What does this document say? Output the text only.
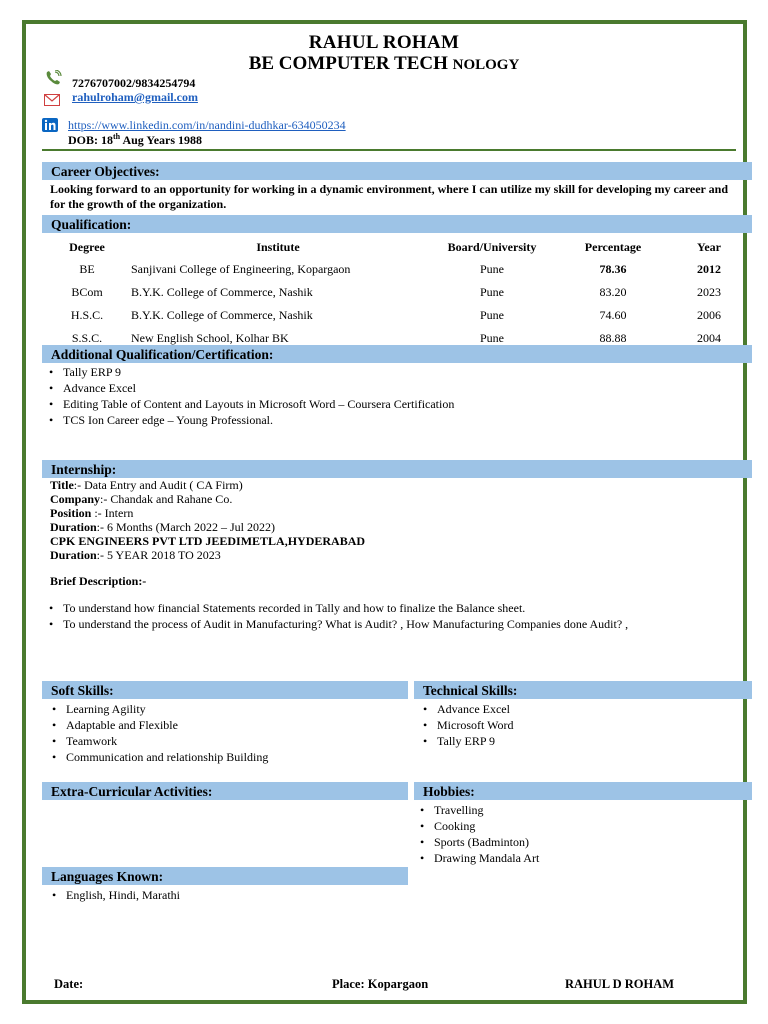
RAHUL ROHAM
BE COMPUTER TECH NOLOGY
7276707002/9834254794
rahulroham@gmail.com
https://www.linkedin.com/in/nandini-dudhkar-634050234
DOB: 18th Aug Years 1988
Career Objectives:
Looking forward to an opportunity for working in a dynamic environment, where I can utilize my skill for developing my career and for the growth of the organization.
Qualification:
Degree	Institute	Board/University	Percentage	Year
BE	Sanjivani College of Engineering, Kopargaon	Pune	78.36	2012
BCom	B.Y.K. College of Commerce, Nashik	Pune	83.20	2023
H.S.C.	B.Y.K. College of Commerce, Nashik	Pune	74.60	2006
S.S.C.	New English School, Kolhar BK	Pune	88.88	2004
Additional Qualification/Certification:
• Tally ERP 9
• Advance Excel
• Editing Table of Content and Layouts in Microsoft Word – Coursera Certification
• TCS Ion Career edge – Young Professional.
Internship:
Title:- Data Entry and Audit ( CA Firm)
Company:- Chandak and Rahane Co.
Position :- Intern
Duration:- 6 Months (March 2022 – Jul 2022)
CPK ENGINEERS PVT LTD JEEDIMETLA,HYDERABAD
Duration:- 5 YEAR 2018 TO 2023
Brief Description:-
• To understand how financial Statements recorded in Tally and how to finalize the Balance sheet.
• To understand the process of Audit in Manufacturing? What is Audit? , How Manufacturing Companies done Audit? ,
Soft Skills:	Technical Skills:
• Learning Agility
• Adaptable and Flexible
• Teamwork
• Communication and relationship Building
• Advance Excel
• Microsoft Word
• Tally ERP 9
Extra-Curricular Activities:	Hobbies:
• Travelling
• Cooking
• Sports (Badminton)
• Drawing Mandala Art
Languages Known:
• English, Hindi, Marathi
Date:	Place: Kopargaon	RAHUL D ROHAM
